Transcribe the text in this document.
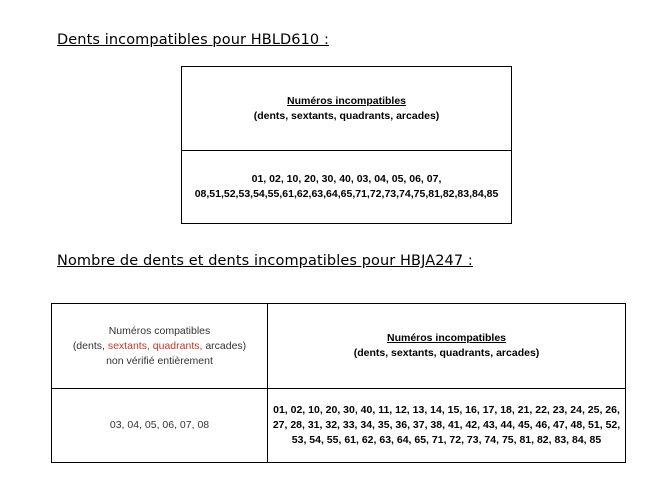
Dents incompatibles pour HBLD610 :
Numéros incompatibles
(dents, sextants, quadrants, arcades)
01, 02, 10, 20, 30, 40, 03, 04, 05, 06, 07,
08,51,52,53,54,55,61,62,63,64,65,71,72,73,74,75,81,82,83,84,85
Nombre de dents et dents incompatibles pour HBJA247 :
Numéros compatibles
(dents, sextants, quadrants, arcades)
non vérifié entièrement
Numéros incompatibles
(dents, sextants, quadrants, arcades)
03, 04, 05, 06, 07, 08
01, 02, 10, 20, 30, 40, 11, 12, 13, 14, 15, 16, 17, 18, 21, 22, 23, 24, 25, 26,
27, 28, 31, 32, 33, 34, 35, 36, 37, 38, 41, 42, 43, 44, 45, 46, 47, 48, 51, 52,
53, 54, 55, 61, 62, 63, 64, 65, 71, 72, 73, 74, 75, 81, 82, 83, 84, 85
